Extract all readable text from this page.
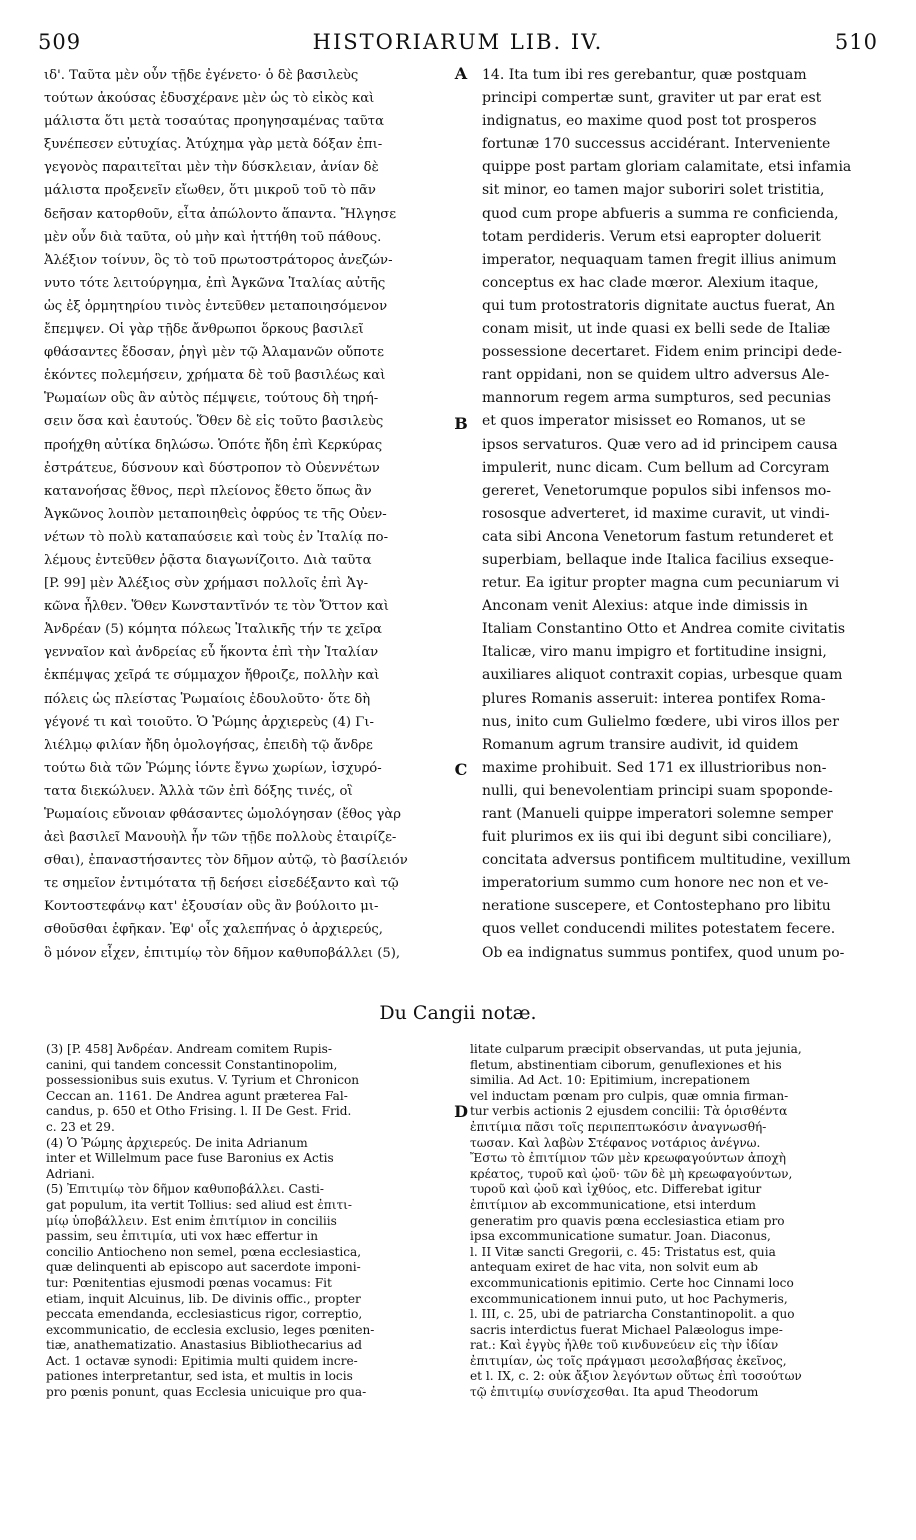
509	HISTORIARUM LIB. IV.	510
ιδ'. Ταῦτα μὲν οὖν τῇδε ἐγένετο· ὁ δὲ βασιλεὺς
τούτων ἀκούσας ἐδυσχέρανε μὲν ὡς τὸ εἰκὸς καὶ
μάλιστα ὅτι μετὰ τοσαύτας προηγησαμένας ταῦτα
ξυνέπεσεν εὐτυχίας. Ἀτύχημα γὰρ μετὰ δόξαν ἐπι-
γεγονὸς παραιτεῖται μὲν τὴν δύσκλειαν, ἀνίαν δὲ
μάλιστα προξενεῖν εἴωθεν, ὅτι μικροῦ τοῦ τὸ πᾶν
δεῆσαν κατορθοῦν, εἶτα ἀπώλοντο ἅπαντα. Ἤλγησε
μὲν οὖν διὰ ταῦτα, οὐ μὴν καὶ ἡττήθη τοῦ πάθους.
Ἀλέξιον τοίνυν, ὃς τὸ τοῦ πρωτοστράτορος ἀνεζών-
νυτο τότε λειτούργημα, ἐπὶ Ἀγκῶνα Ἰταλίας αὐτῆς
ὡς ἐξ ὁρμητηρίου τινὸς ἐντεῦθεν μεταποιησόμενον
ἔπεμψεν. Οἱ γὰρ τῇδε ἄνθρωποι ὅρκους βασιλεῖ
φθάσαντες ἔδοσαν, ῥηγὶ μὲν τῷ Ἀλαμανῶν οὔποτε
ἑκόντες πολεμήσειν, χρήματα δὲ τοῦ βασιλέως καὶ
Ῥωμαίων οὓς ἂν αὐτὸς πέμψειε, τούτους δὴ τηρή-
σειν ὅσα καὶ ἑαυτούς. Ὅθεν δὲ εἰς τοῦτο βασιλεὺς
προήχθη αὐτίκα δηλώσω. Ὁπότε ἤδη ἐπὶ Κερκύρας
ἐστράτευε, δύσνουν καὶ δύστροπον τὸ Οὐεννέτων
κατανοήσας ἔθνος, περὶ πλείονος ἔθετο ὅπως ἂν
Ἀγκῶνος λοιπὸν μεταποιηθεὶς ὀφρύος τε τῆς Οὐεν-
νέτων τὸ πολὺ καταπαύσειε καὶ τοὺς ἐν Ἰταλίᾳ πο-
λέμους ἐντεῦθεν ῥᾷστα διαγωνίζοιτο. Διὰ ταῦτα
[P. 99] μὲν Ἀλέξιος σὺν χρήμασι πολλοῖς ἐπὶ Ἀγ-
κῶνα ἦλθεν. Ὅθεν Κωνσταντῖνόν τε τὸν Ὄττον καὶ
Ἀνδρέαν (5) κόμητα πόλεως Ἰταλικῆς τήν τε χεῖρα
γενναῖον καὶ ἀνδρείας εὖ ἥκοντα ἐπὶ τὴν Ἰταλίαν
ἐκπέμψας χεῖρά τε σύμμαχον ἤθροιζε, πολλὴν καὶ
πόλεις ὡς πλείστας Ῥωμαίοις ἐδουλοῦτο· ὅτε δὴ
γέγονέ τι καὶ τοιοῦτο. Ὁ Ῥώμης ἀρχιερεὺς (4) Γι-
λιέλμῳ φιλίαν ἤδη ὁμολογήσας, ἐπειδὴ τῷ ἄνδρε
τούτω διὰ τῶν Ῥώμης ἰόντε ἔγνω χωρίων, ἰσχυρό-
τατα διεκώλυεν. Ἀλλὰ τῶν ἐπὶ δόξης τινές, οἳ
Ῥωμαίοις εὔνοιαν φθάσαντες ὡμολόγησαν (ἔθος γὰρ
ἀεὶ βασιλεῖ Μανουὴλ ἦν τῶν τῇδε πολλοὺς ἑταιρίζε-
σθαι), ἐπαναστήσαντες τὸν δῆμον αὐτῷ, τὸ βασίλειόν
τε σημεῖον ἐντιμότατα τῇ δεήσει εἰσεδέξαντο καὶ τῷ
Κοντοστεφάνῳ κατ' ἐξουσίαν οὓς ἂν βούλοιτο μι-
σθοῦσθαι ἐφῆκαν. Ἐφ' οἷς χαλεπήνας ὁ ἀρχιερεύς,
ὃ μόνον εἶχεν, ἐπιτιμίῳ τὸν δῆμον καθυποβάλλει (5),
14. Ita tum ibi res gerebantur, quæ postquam
principi compertæ sunt, graviter ut par erat est
indignatus, eo maxime quod post tot prosperos
fortunæ 170 successus accidérant. Interveniente
quippe post partam gloriam calamitate, etsi infamia
sit minor, eo tamen major suboriri solet tristitia,
quod cum prope abfueris a summa re conficienda,
totam perdideris. Verum etsi eapropter doluerit
imperator, nequaquam tamen fregit illius animum
conceptus ex hac clade mœror. Alexium itaque,
qui tum protostratoris dignitate auctus fuerat, An
conam misit, ut inde quasi ex belli sede de Italiæ
possessione decertaret. Fidem enim principi dede-
rant oppidani, non se quidem ultro adversus Ale-
mannorum regem arma sumpturos, sed pecunias
et quos imperator misisset eo Romanos, ut se
ipsos servaturos. Quæ vero ad id principem causa
impulerit, nunc dicam. Cum bellum ad Corcyram
gereret, Venetorumque populos sibi infensos mo-
rososque adverteret, id maxime curavit, ut vindi-
cata sibi Ancona Venetorum fastum retunderet et
superbiam, bellaque inde Italica facilius exseque-
retur. Ea igitur propter magna cum pecuniarum vi
Anconam venit Alexius: atque inde dimissis in
Italiam Constantino Otto et Andrea comite civitatis
Italicæ, viro manu impigro et fortitudine insigni,
auxiliares aliquot contraxit copias, urbesque quam
plures Romanis asseruit: interea pontifex Roma-
nus, inito cum Gulielmo fœdere, ubi viros illos per
Romanum agrum transire audivit, id quidem
maxime prohibuit. Sed 171 ex illustrioribus non-
nulli, qui benevolentiam principi suam spoponde-
rant (Manueli quippe imperatori solemne semper
fuit plurimos ex iis qui ibi degunt sibi conciliare),
concitata adversus pontificem multitudine, vexillum
imperatorium summo cum honore nec non et ve-
neratione suscepere, et Contostephano pro libitu
quos vellet conducendi milites potestatem fecere.
Ob ea indignatus summus pontifex, quod unum po-
A
B
C
D
Du Cangii notæ.
(3) [P. 458] Ἀνδρέαν. Andream comitem Rupis-
canini, qui tandem concessit Constantinopolim,
possessionibus suis exutus. V. Tyrium et Chronicon
Ceccan an. 1161. De Andrea agunt præterea Fal-
candus, p. 650 et Otho Frising. l. II De Gest. Frid.
c. 23 et 29.
(4) Ὁ Ῥώμης ἀρχιερεύς. De inita Adrianum
inter et Willelmum pace fuse Baronius ex Actis
Adriani.
(5) Ἐπιτιμίῳ τὸν δῆμον καθυποβάλλει. Casti-
gat populum, ita vertit Tollius: sed aliud est ἐπιτι-
μίῳ ὑποβάλλειν. Est enim ἐπιτίμιον in conciliis
passim, seu ἐπιτιμία, uti vox hæc effertur in
concilio Antiocheno non semel, pœna ecclesiastica,
quæ delinquenti ab episcopo aut sacerdote imponi-
tur: Pœnitentias ejusmodi pœnas vocamus: Fit
etiam, inquit Alcuinus, lib. De divinis offic., propter
peccata emendanda, ecclesiasticus rigor, correptio,
excommunicatio, de ecclesia exclusio, leges pœniten-
tiæ, anathematizatio. Anastasius Bibliothecarius ad
Act. 1 octavæ synodi: Epitimia multi quidem incre-
pationes interpretantur, sed ista, et multis in locis
pro pœnis ponunt, quas Ecclesia unicuique pro qua-
litate culparum præcipit observandas, ut puta jejunia,
fletum, abstinentiam ciborum, genuflexiones et his
similia. Ad Act. 10: Epitimium, increpationem
vel inductam pœnam pro culpis, quæ omnia firman-
tur verbis actionis 2 ejusdem concilii: Τὰ ὁρισθέντα
ἐπιτίμια πᾶσι τοῖς περιπεπτωκόσιν ἀναγνωσθή-
τωσαν. Καὶ λαβὼν Στέφανος νοτάριος ἀνέγνω.
Ἔστω τὸ ἐπιτίμιον τῶν μὲν κρεωφαγούντων ἀποχὴ
κρέατος, τυροῦ καὶ ᾠοῦ· τῶν δὲ μὴ κρεωφαγούντων,
τυροῦ καὶ ᾠοῦ καὶ ἰχθύος, etc. Differebat igitur
ἐπιτίμιον ab excommunicatione, etsi interdum
generatim pro quavis pœna ecclesiastica etiam pro
ipsa excommunicatione sumatur. Joan. Diaconus,
l. II Vitæ sancti Gregorii, c. 45: Tristatus est, quia
antequam exiret de hac vita, non solvit eum ab
excommunicationis epitimio. Certe hoc Cinnami loco
excommunicationem innui puto, ut hoc Pachymeris,
l. III, c. 25, ubi de patriarcha Constantinopolit. a quo
sacris interdictus fuerat Michael Palæologus impe-
rat.: Καὶ ἐγγὺς ἦλθε τοῦ κινδυνεύειν εἰς τὴν ἰδίαν
ἐπιτιμίαν, ὡς τοῖς πράγμασι μεσολαβήσας ἐκεῖνος,
et l. IX, c. 2: οὐκ ἄξιον λεγόντων οὕτως ἐπὶ τοσούτων
τῷ ἐπιτιμίῳ συνίσχεσθαι. Ita apud Theodorum
